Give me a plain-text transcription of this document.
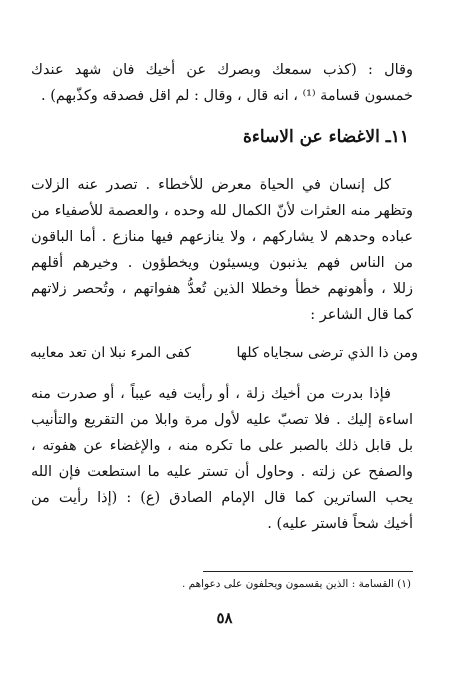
وقال : (كذب سمعك وبصرك عن أخيك فان شهد عندك
خمسون قسامة ⁽¹⁾ ، انه قال ، وقال : لم اقل فصدقه وكذّبهم) .
١١ـ الاغضاء عن الاساءة
كل إنسان في الحياة معرض للأخطاء . تصدر عنه الزلات
وتظهر منه العثرات لأنّ الكمال لله وحده ، والعصمة للأصفياء من
عباده وحدهم لا يشاركهم ، ولا ينازعهم فيها منازع . أما الباقون
من الناس فهم يذنبون ويسيئون ويخطؤون . وخيرهم أقلهم
زللا ، وأهونهم خطأ وخطلا الذين تُعدُّ هفواتهم ، وتُحصر زلاتهم
كما قال الشاعر :
ومن ذا الذي ترضى سجاياه كلها
كفى المرء نبلا ان تعد معايبه
فإذا بدرت من أخيك زلة ، أو رأيت فيه عيباً ، أو صدرت منه
اساءة إليك . فلا تصبّ عليه لأول مرة وابلا من التقريع والتأنيب
بل قابل ذلك بالصبر على ما تكره منه ، والإغضاء عن هفوته ،
والصفح عن زلته . وحاول أن تستر عليه ما استطعت فإن الله
يحب الساترين كما قال الإمام الصادق (ع) : (إذا رأيت من
أخيك شحاً فاستر عليه) .
(١) القسامة : الذين يقسمون ويحلفون على دعواهم .
٥٨
